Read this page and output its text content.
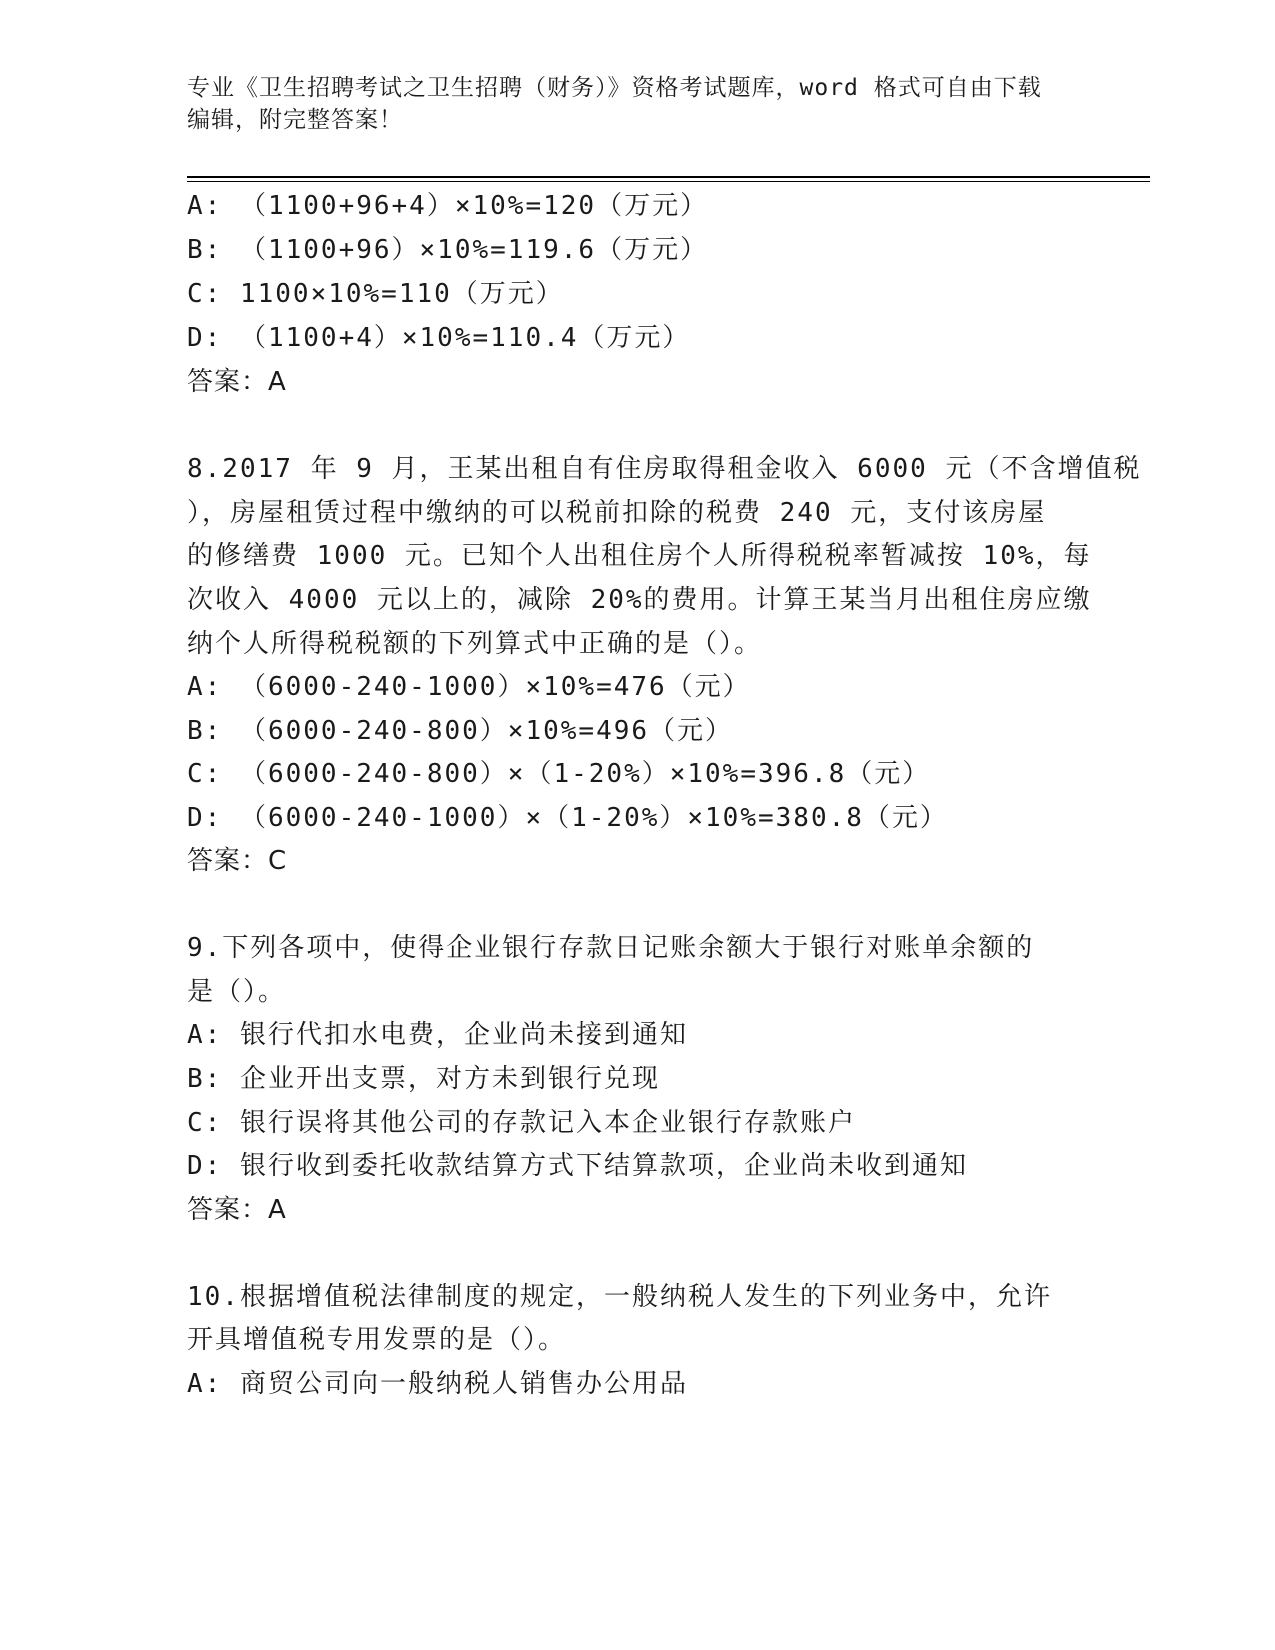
专业《卫生招聘考试之卫生招聘（财务）》资格考试题库，word 格式可自由下载
编辑，附完整答案！
A: （1100+96+4）×10%=120（万元）
B: （1100+96）×10%=119.6（万元）
C: 1100×10%=110（万元）
D: （1100+4）×10%=110.4（万元）
答案：A
8.2017 年 9 月，王某出租自有住房取得租金收入 6000 元（不含增值税
），房屋租赁过程中缴纳的可以税前扣除的税费 240 元，支付该房屋
的修缮费 1000 元。已知个人出租住房个人所得税税率暂减按 10%，每
次收入 4000 元以上的，减除 20%的费用。计算王某当月出租住房应缴
纳个人所得税税额的下列算式中正确的是（）。
A: （6000-240-1000）×10%=476（元）
B: （6000-240-800）×10%=496（元）
C: （6000-240-800）×（1-20%）×10%=396.8（元）
D: （6000-240-1000）×（1-20%）×10%=380.8（元）
答案：C
9.下列各项中，使得企业银行存款日记账余额大于银行对账单余额的
是（）。
A: 银行代扣水电费，企业尚未接到通知
B: 企业开出支票，对方未到银行兑现
C: 银行误将其他公司的存款记入本企业银行存款账户
D: 银行收到委托收款结算方式下结算款项，企业尚未收到通知
答案：A
10.根据增值税法律制度的规定，一般纳税人发生的下列业务中，允许
开具增值税专用发票的是（）。
A: 商贸公司向一般纳税人销售办公用品
